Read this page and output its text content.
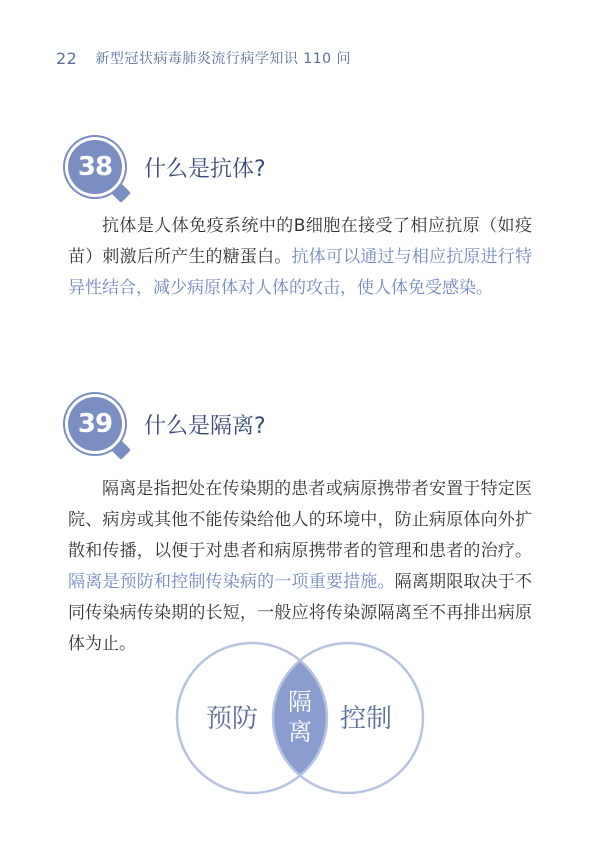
22 新型冠状病毒肺炎流行病学知识 110 问
38 什么是抗体?
抗体是人体免疫系统中的B细胞在接受了相应抗原（如疫苗）刺激后所产生的糖蛋白。抗体可以通过与相应抗原进行特异性结合，减少病原体对人体的攻击，使人体免受感染。
39 什么是隔离?
隔离是指把处在传染期的患者或病原携带者安置于特定医院、病房或其他不能传染给他人的环境中，防止病原体向外扩散和传播，以便于对患者和病原携带者的管理和患者的治疗。隔离是预防和控制传染病的一项重要措施。隔离期限取决于不同传染病传染期的长短，一般应将传染源隔离至不再排出病原体为止。
预防	控制
隔
离
